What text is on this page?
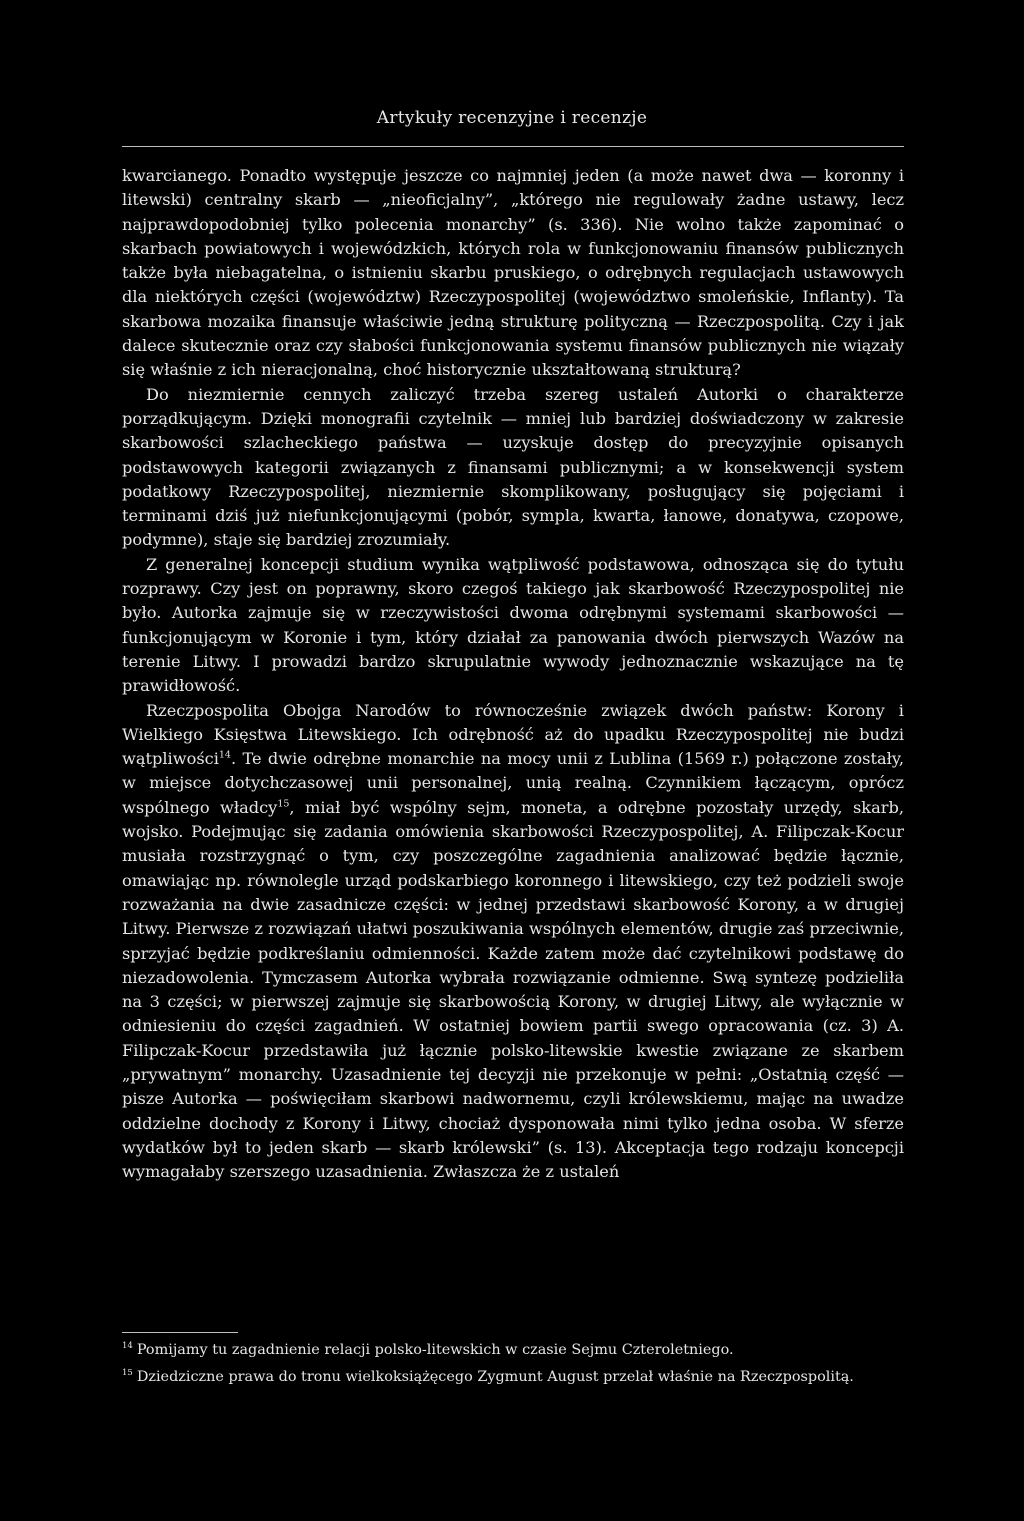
Artykuły recenzyjne i recenzje

kwarcianego. Ponadto występuje jeszcze co najmniej jeden (a może nawet dwa — koronny i litewski) centralny skarb — „nieoficjalny”, „którego nie regulowały żadne ustawy, lecz najprawdopodobniej tylko polecenia monarchy” (s. 336). Nie wolno także zapominać o skarbach powiatowych i wojewódzkich, których rola w funkcjonowaniu finansów publicznych także była niebagatelna, o istnieniu skarbu pruskiego, o odrębnych regulacjach ustawowych dla niektórych części (województw) Rzeczypospolitej (województwo smoleńskie, Inflanty). Ta skarbowa mozaika finansuje właściwie jedną strukturę polityczną — Rzeczpospolitą. Czy i jak dalece skutecznie oraz czy słabości funkcjonowania systemu finansów publicznych nie wiązały się właśnie z ich nieracjonalną, choć historycznie ukształtowaną strukturą?

Do niezmiernie cennych zaliczyć trzeba szereg ustaleń Autorki o charakterze porządkującym. Dzięki monografii czytelnik — mniej lub bardziej doświadczony w zakresie skarbowości szlacheckiego państwa — uzyskuje dostęp do precyzyjnie opisanych podstawowych kategorii związanych z finansami publicznymi; a w konsekwencji system podatkowy Rzeczypospolitej, niezmiernie skomplikowany, posługujący się pojęciami i terminami dziś już niefunkcjonującymi (pobór, sympla, kwarta, łanowe, donatywa, czopowe, podymne), staje się bardziej zrozumiały.

Z generalnej koncepcji studium wynika wątpliwość podstawowa, odnosząca się do tytułu rozprawy. Czy jest on poprawny, skoro czegoś takiego jak skarbowość Rzeczypospolitej nie było. Autorka zajmuje się w rzeczywistości dwoma odrębnymi systemami skarbowości — funkcjonującym w Koronie i tym, który działał za panowania dwóch pierwszych Wazów na terenie Litwy. I prowadzi bardzo skrupulatnie wywody jednoznacznie wskazujące na tę prawidłowość.

Rzeczpospolita Obojga Narodów to równocześnie związek dwóch państw: Korony i Wielkiego Księstwa Litewskiego. Ich odrębność aż do upadku Rzeczypospolitej nie budzi wątpliwości$^{14}$. Te dwie odrębne monarchie na mocy unii z Lublina (1569 r.) połączone zostały, w miejsce dotychczasowej unii personalnej, unią realną. Czynnikiem łączącym, oprócz wspólnego władcy$^{15}$, miał być wspólny sejm, moneta, a odrębne pozostały urzędy, skarb, wojsko. Podejmując się zadania omówienia skarbowości Rzeczypospolitej, A. Filipczak-Kocur musiała rozstrzygnąć o tym, czy poszczególne zagadnienia analizować będzie łącznie, omawiając np. równolegle urząd podskarbiego koronnego i litewskiego, czy też podzieli swoje rozważania na dwie zasadnicze części: w jednej przedstawi skarbowość Korony, a w drugiej Litwy. Pierwsze z rozwiązań ułatwi poszukiwania wspólnych elementów, drugie zaś przeciwnie, sprzyjać będzie podkreślaniu odmienności. Każde zatem może dać czytelnikowi podstawę do niezadowolenia. Tymczasem Autorka wybrała rozwiązanie odmienne. Swą syntezę podzieliła na 3 części; w pierwszej zajmuje się skarbowością Korony, w drugiej Litwy, ale wyłącznie w odniesieniu do części zagadnień. W ostatniej bowiem partii swego opracowania (cz. 3) A. Filipczak-Kocur przedstawiła już łącznie polsko-litewskie kwestie związane ze skarbem „prywatnym” monarchy. Uzasadnienie tej decyzji nie przekonuje w pełni: „Ostatnią część — pisze Autorka — poświęciłam skarbowi nadwornemu, czyli królewskiemu, mając na uwadze oddzielne dochody z Korony i Litwy, chociaż dysponowała nimi tylko jedna osoba. W sferze wydatków był to jeden skarb — skarb królewski” (s. 13). Akceptacja tego rodzaju koncepcji wymagałaby szerszego uzasadnienia. Zwłaszcza że z ustaleń

$^{14}$ Pomijamy tu zagadnienie relacji polsko-litewskich w czasie Sejmu Czteroletniego.

$^{15}$ Dziedziczne prawa do tronu wielkoksiążęcego Zygmunt August przelał właśnie na Rzeczpospolitą.
